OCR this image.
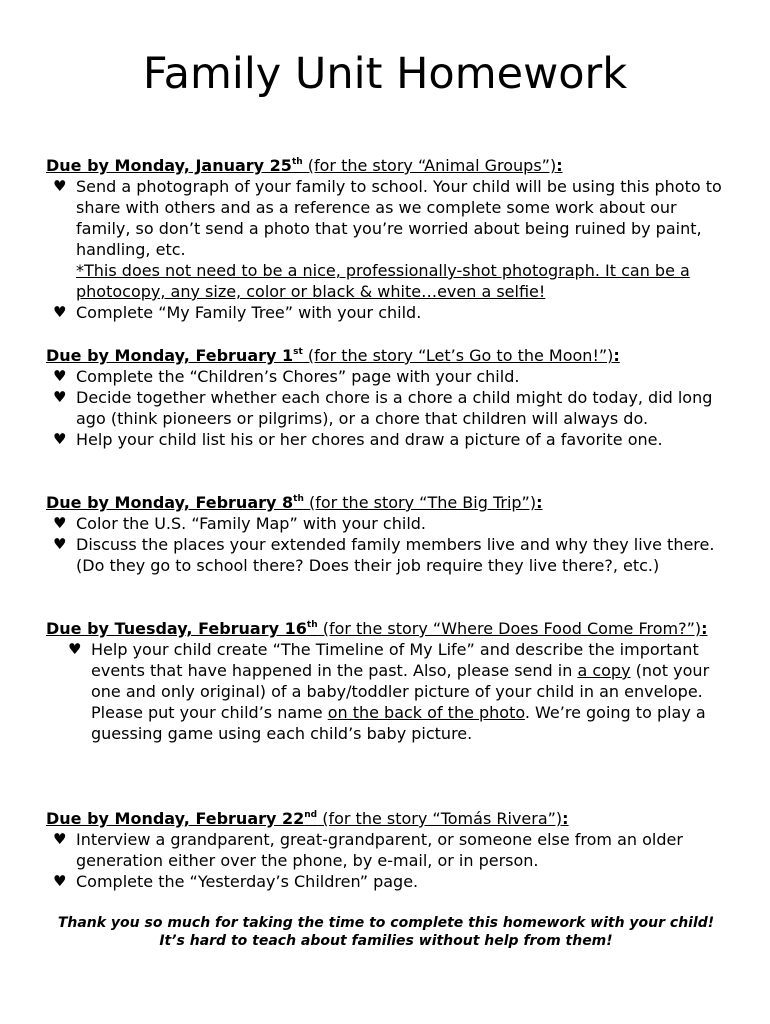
Family Unit Homework

Due by Monday, January 25th (for the story “Animal Groups”):

♥ Send a photograph of your family to school. Your child will be using this photo to share with others and as a reference as we complete some work about our family, so don’t send a photo that you’re worried about being ruined by paint, handling, etc.
*This does not need to be a nice, professionally-shot photograph. It can be a photocopy, any size, color or black & white…even a selfie!
♥ Complete “My Family Tree” with your child.

Due by Monday, February 1st (for the story “Let’s Go to the Moon!”):

♥ Complete the “Children’s Chores” page with your child.
♥ Decide together whether each chore is a chore a child might do today, did long ago (think pioneers or pilgrims), or a chore that children will always do.
♥ Help your child list his or her chores and draw a picture of a favorite one.

Due by Monday, February 8th (for the story “The Big Trip”):

♥ Color the U.S. “Family Map” with your child.
♥ Discuss the places your extended family members live and why they live there. (Do they go to school there? Does their job require they live there?, etc.)

Due by Tuesday, February 16th (for the story “Where Does Food Come From?”):

♥ Help your child create “The Timeline of My Life” and describe the important events that have happened in the past. Also, please send in a copy (not your one and only original) of a baby/toddler picture of your child in an envelope. Please put your child’s name on the back of the photo. We’re going to play a guessing game using each child’s baby picture.

Due by Monday, February 22nd (for the story “Tomás Rivera”):

♥ Interview a grandparent, great-grandparent, or someone else from an older generation either over the phone, by e-mail, or in person.
♥ Complete the “Yesterday’s Children” page.
Thank you so much for taking the time to complete this homework with your child!
It’s hard to teach about families without help from them!
